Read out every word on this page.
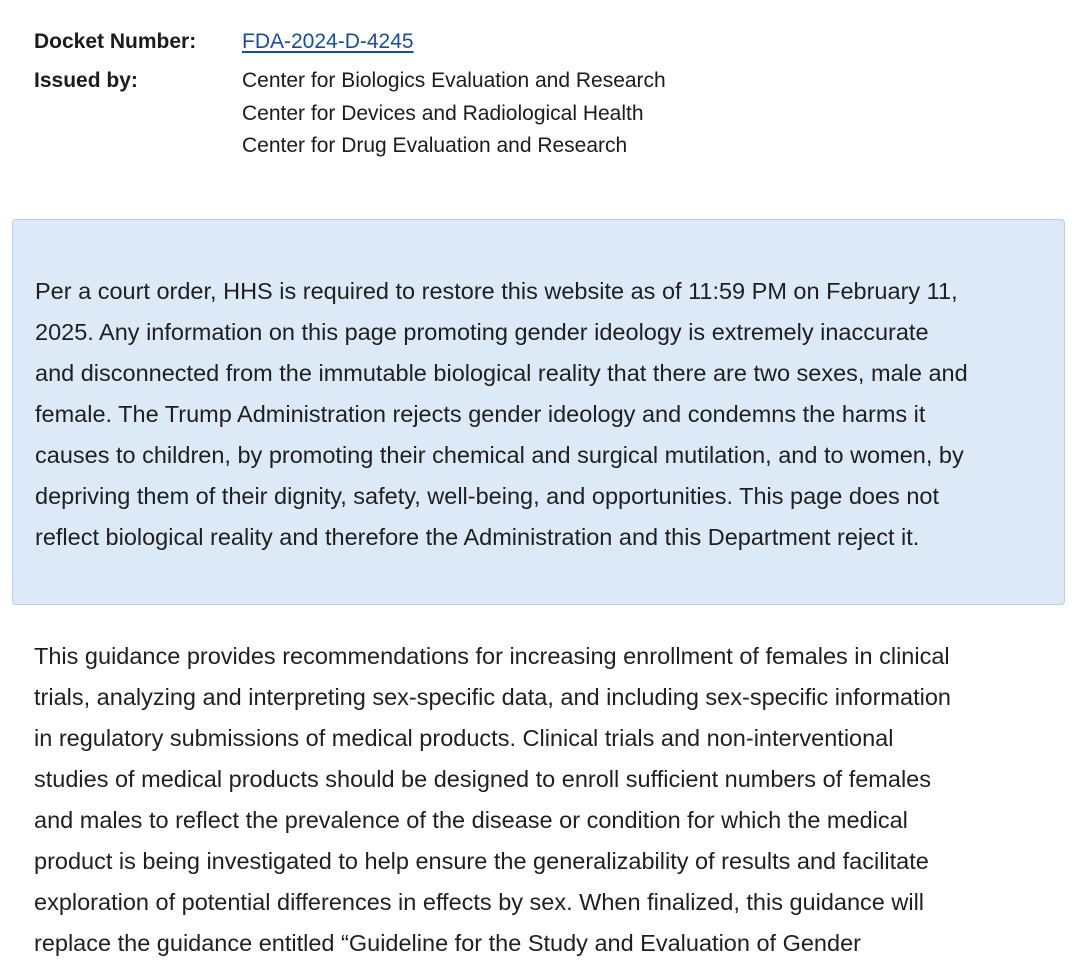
Docket Number: FDA-2024-D-4245
Issued by:	Center for Biologics Evaluation and Research
Center for Devices and Radiological Health
Center for Drug Evaluation and Research

Per a court order, HHS is required to restore this website as of 11:59 PM on February 11,
2025. Any information on this page promoting gender ideology is extremely inaccurate
and disconnected from the immutable biological reality that there are two sexes, male and
female. The Trump Administration rejects gender ideology and condemns the harms it
causes to children, by promoting their chemical and surgical mutilation, and to women, by
depriving them of their dignity, safety, well-being, and opportunities. This page does not
reflect biological reality and therefore the Administration and this Department reject it.

This guidance provides recommendations for increasing enrollment of females in clinical
trials, analyzing and interpreting sex-specific data, and including sex-specific information
in regulatory submissions of medical products. Clinical trials and non-interventional
studies of medical products should be designed to enroll sufficient numbers of females
and males to reflect the prevalence of the disease or condition for which the medical
product is being investigated to help ensure the generalizability of results and facilitate
exploration of potential differences in effects by sex. When finalized, this guidance will
replace the guidance entitled “Guideline for the Study and Evaluation of Gender
